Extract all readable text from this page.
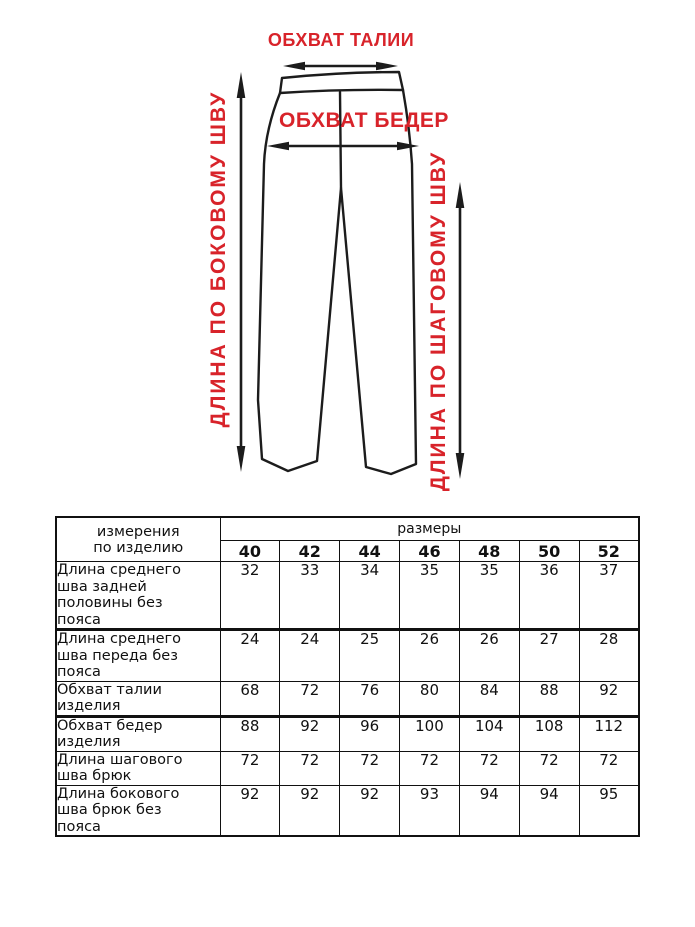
ОБХВАТ ТАЛИИ
ОБХВАТ БЕДЕР
ДЛИНА ПО БОКОВОМУ ШВУ	ДЛИНА ПО ШАГОВОМУ ШВУ
измерения
по изделию	размеры						
	40	42	44	46	48	50	52
Длина среднего
шва задней
половины без
пояса	32	33	34	35	35	36	37
Длина среднего
шва переда без
пояса	24	24	25	26	26	27	28
Обхват талии
изделия	68	72	76	80	84	88	92
Обхват бедер
изделия	88	92	96	100	104	108	112
Длина шагового
шва брюк	72	72	72	72	72	72	72
Длина бокового
шва брюк без
пояса	92	92	92	93	94	94	95
